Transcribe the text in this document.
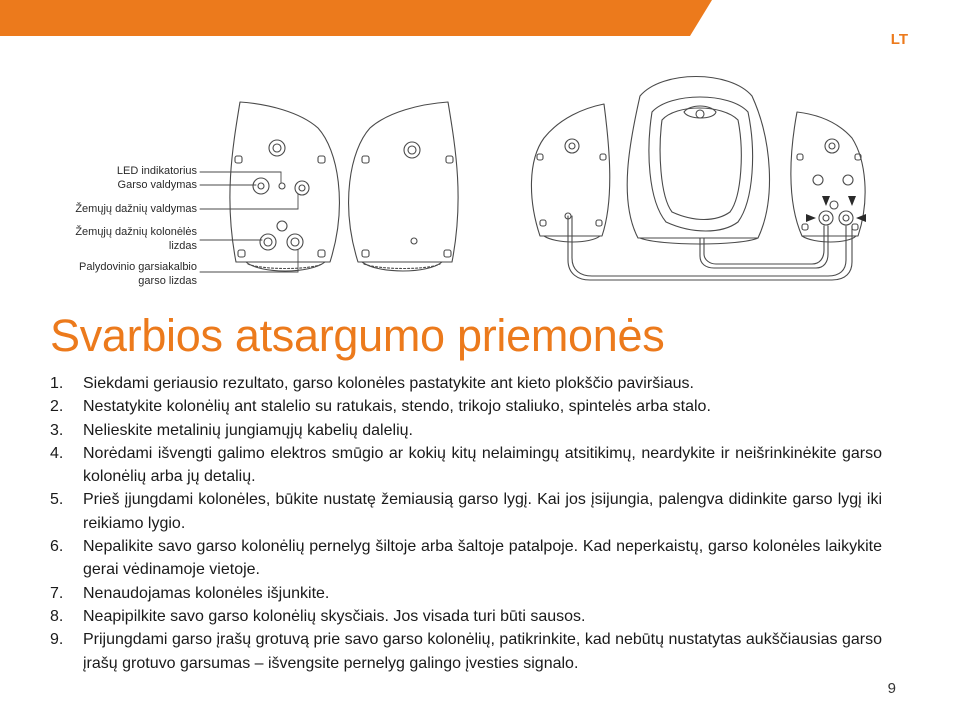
LT
LED indikatorius
Garso valdymas
Žemųjų dažnių valdymas
Žemųjų dažnių kolonėlės
lizdas
Palydovinio garsiakalbio
garso lizdas
Svarbios atsargumo priemonės
1. Siekdami geriausio rezultato, garso kolonėles pastatykite ant kieto plokščio paviršiaus.
2. Nestatykite kolonėlių ant stalelio su ratukais, stendo, trikojo staliuko, spintelės arba stalo.
3. Nelieskite metalinių jungiamųjų kabelių dalelių.
4. Norėdami išvengti galimo elektros smūgio ar kokių kitų nelaimingų atsitikimų, neardykite ir neišrinkinėkite garso kolonėlių arba jų detalių.
5. Prieš įjungdami kolonėles, būkite nustatę žemiausią garso lygį. Kai jos įsijungia, palengva didinkite garso lygį iki reikiamo lygio.
6. Nepalikite savo garso kolonėlių pernelyg šiltoje arba šaltoje patalpoje. Kad neperkaistų, garso kolonėles laikykite gerai vėdinamoje vietoje.
7. Nenaudojamas kolonėles išjunkite.
8. Neapipilkite savo garso kolonėlių skysčiais. Jos visada turi būti sausos.
9. Prijungdami garso įrašų grotuvą prie savo garso kolonėlių, patikrinkite, kad nebūtų nustatytas aukščiausias garso įrašų grotuvo garsumas – išvengsite pernelyg galingo įvesties signalo.
9
